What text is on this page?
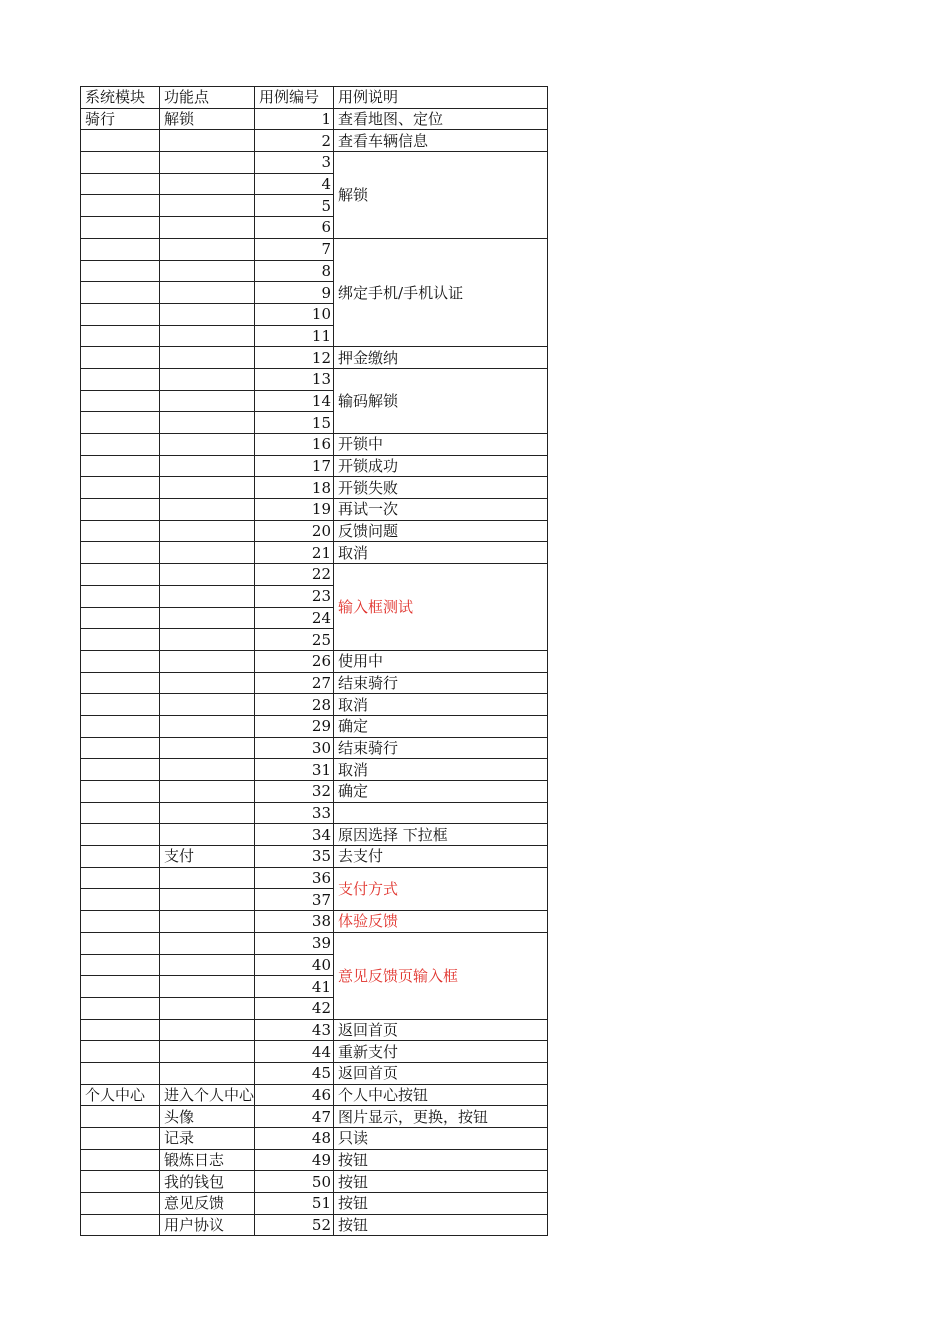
系统模块	功能点	用例编号	用例说明
骑行	解锁	1	查看地图、定位
		2	查看车辆信息
		3	解锁
		4	
		5	
		6	
		7	绑定手机/手机认证
		8	
		9	
		10	
		11	
		12	押金缴纳
		13	输码解锁
		14	
		15	
		16	开锁中
		17	开锁成功
		18	开锁失败
		19	再试一次
		20	反馈问题
		21	取消
		22	输入框测试
		23	
		24	
		25	
		26	使用中
		27	结束骑行
		28	取消
		29	确定
		30	结束骑行
		31	取消
		32	确定
		33	
		34	原因选择 下拉框
	支付	35	去支付
		36	支付方式
		37	
		38	体验反馈
		39	意见反馈页输入框
		40	
		41	
		42	
		43	返回首页
		44	重新支付
		45	返回首页
个人中心	进入个人中心	46	个人中心按钮
	头像	47	图片显示，更换，按钮
	记录	48	只读
	锻炼日志	49	按钮
	我的钱包	50	按钮
	意见反馈	51	按钮
	用户协议	52	按钮
